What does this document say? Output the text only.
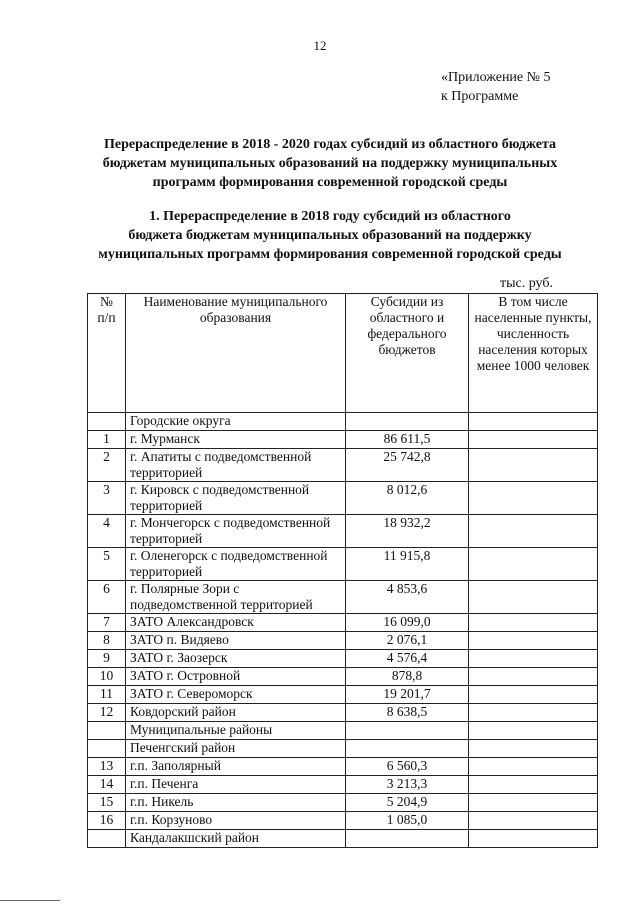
12
«Приложение № 5
к Программе
Перераспределение в 2018 - 2020 годах субсидий из областного бюджета
бюджетам муниципальных образований на поддержку муниципальных
программ формирования современной городской среды
1. Перераспределение в 2018 году субсидий из областного
бюджета бюджетам муниципальных образований на поддержку
муниципальных программ формирования современной городской среды
тыс. руб.
№
п/п	Наименование муниципального образования	Субсидии из областного и федерального бюджетов	В том числе населенные пункты, численность населения которых менее 1000 человек
	Городские округа		
1	г. Мурманск	86 611,5	
2	г. Апатиты с подведомственной территорией	25 742,8	
3	г. Кировск с подведомственной территорией	8 012,6	
4	г. Мончегорск с подведомственной территорией	18 932,2	
5	г. Оленегорск с подведомственной территорией	11 915,8	
6	г. Полярные Зори с подведомственной территорией	4 853,6	
7	ЗАТО Александровск	16 099,0	
8	ЗАТО п. Видяево	2 076,1	
9	ЗАТО г. Заозерск	4 576,4	
10	ЗАТО г. Островной	878,8	
11	ЗАТО г. Североморск	19 201,7	
12	Ковдорский район	8 638,5	
	Муниципальные районы		
	Печенгский район		
13	г.п. Заполярный	6 560,3	
14	г.п. Печенга	3 213,3	
15	г.п. Никель	5 204,9	
16	г.п. Корзуново	1 085,0	
	Кандалакшский район		
